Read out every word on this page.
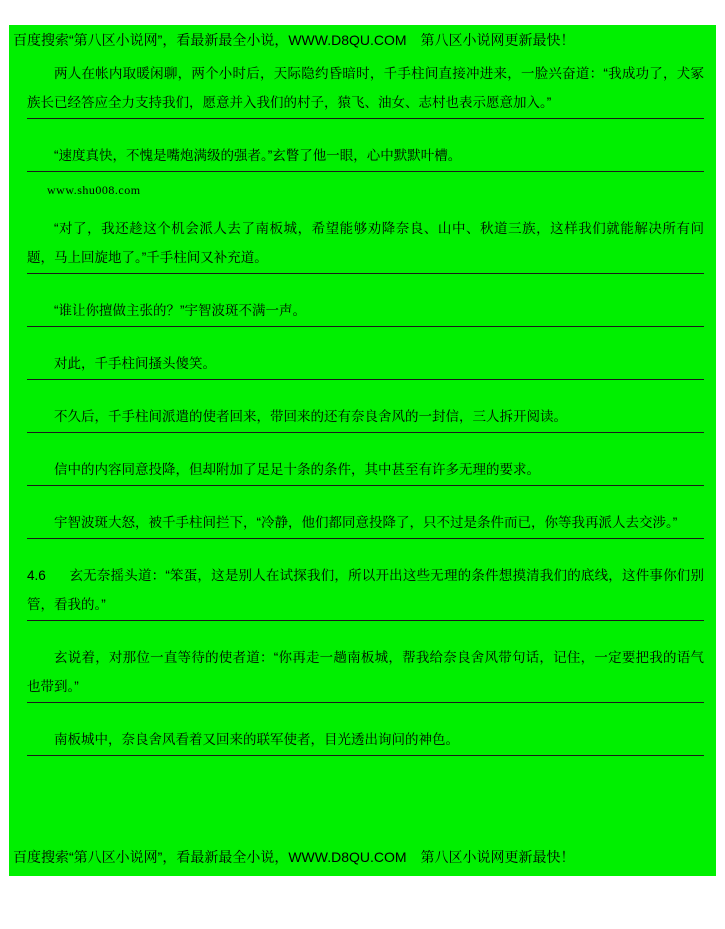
百度搜索“第八区小说网”，看最新最全小说，WWW.D8QU.COM　第八区小说网更新最快！

两人在帐内取暖闲聊，两个小时后，天际隐约昏暗时，千手柱间直接冲进来，一脸兴奋道：“我成功了，犬冢族长已经答应全力支持我们，愿意并入我们的村子，猿飞、油女、志村也表示愿意加入。”

“速度真快，不愧是嘴炮满级的强者。”玄瞥了他一眼，心中默默叶槽。

www.shu008.com

“对了，我还趁这个机会派人去了南板城，希望能够劝降奈良、山中、秋道三族，这样我们就能解决所有问题，马上回旋地了。”千手柱间又补充道。

“谁让你擅做主张的？”宇智波斑不满一声。

对此，千手柱间搔头傻笑。

不久后，千手柱间派遣的使者回来，带回来的还有奈良舍风的一封信，三人拆开阅读。

信中的内容同意投降，但却附加了足足十条的条件，其中甚至有许多无理的要求。

宇智波斑大怒，被千手柱间拦下，“冷静，他们都同意投降了，只不过是条件而已，你等我再派人去交涉。”

4.6 玄无奈摇头道：“笨蛋，这是别人在试探我们，所以开出这些无理的条件想摸清我们的底线，这件事你们别管，看我的。”

玄说着，对那位一直等待的使者道：“你再走一趟南板城，帮我给奈良舍风带句话，记住，一定要把我的语气也带到。”

南板城中，奈良舍风看着又回来的联军使者，目光透出询问的神色。

百度搜索“第八区小说网”，看最新最全小说，WWW.D8QU.COM　第八区小说网更新最快！
